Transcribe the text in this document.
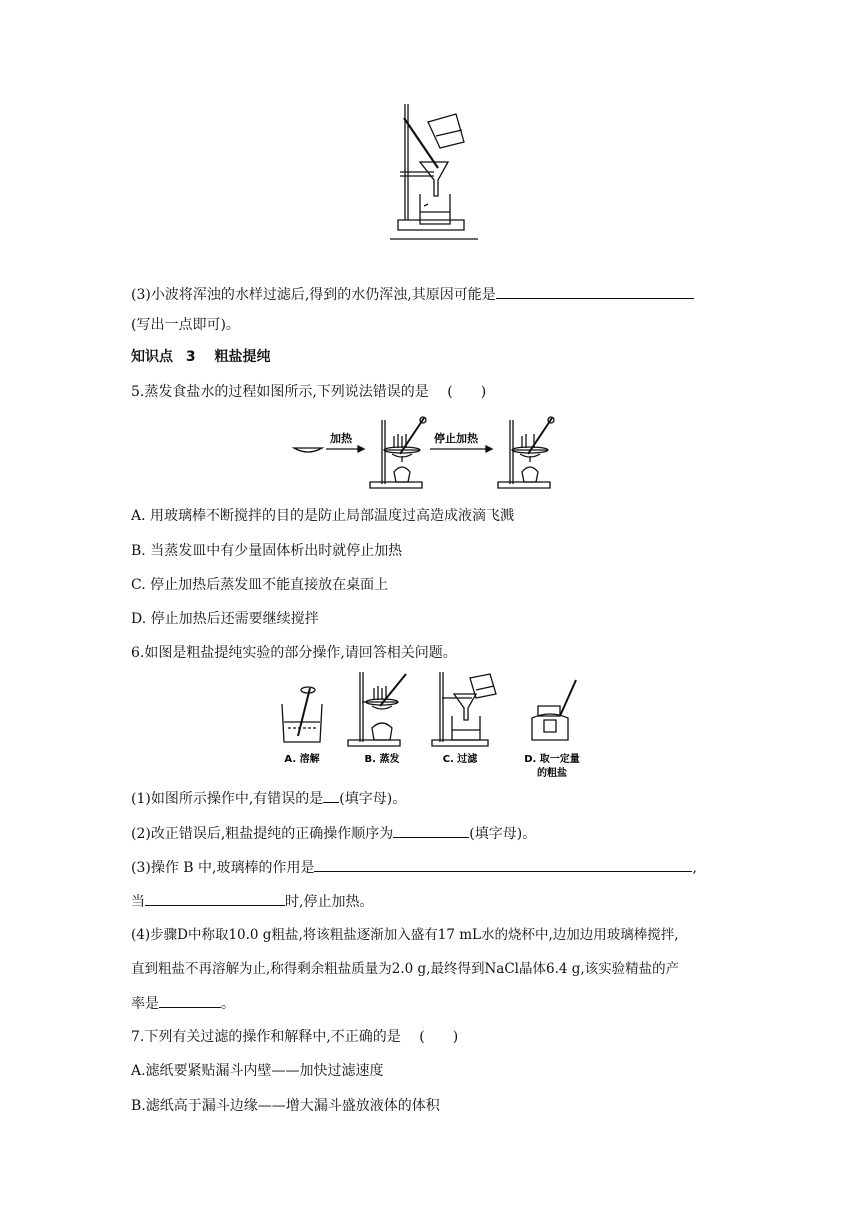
(3)小波将浑浊的水样过滤后,得到的水仍浑浊,其原因可能是
(写出一点即可)。
知识点 3 粗盐提纯
5.蒸发食盐水的过程如图所示,下列说法错误的是 (　　)
加热	停止加热
A. 用玻璃棒不断搅拌的目的是防止局部温度过高造成液滴飞溅
B. 当蒸发皿中有少量固体析出时就停止加热
C. 停止加热后蒸发皿不能直接放在桌面上
D. 停止加热后还需要继续搅拌
6.如图是粗盐提纯实验的部分操作,请回答相关问题。
A. 溶解	B. 蒸发	C. 过滤	D. 取一定量
的粗盐
(1)如图所示操作中,有错误的是 (填字母)。
(2)改正错误后,粗盐提纯的正确操作顺序为	(填字母)。
(3)操作 B 中,玻璃棒的作用是	,
当	时,停止加热。
(4)步骤D中称取10.0 g粗盐,将该粗盐逐渐加入盛有17 mL水的烧杯中,边加边用玻璃棒搅拌,
直到粗盐不再溶解为止,称得剩余粗盐质量为2.0 g,最终得到NaCl晶体6.4 g,该实验精盐的产
率是	。
7.下列有关过滤的操作和解释中,不正确的是 (　　)
A.滤纸要紧贴漏斗内壁——加快过滤速度
B.滤纸高于漏斗边缘——增大漏斗盛放液体的体积
